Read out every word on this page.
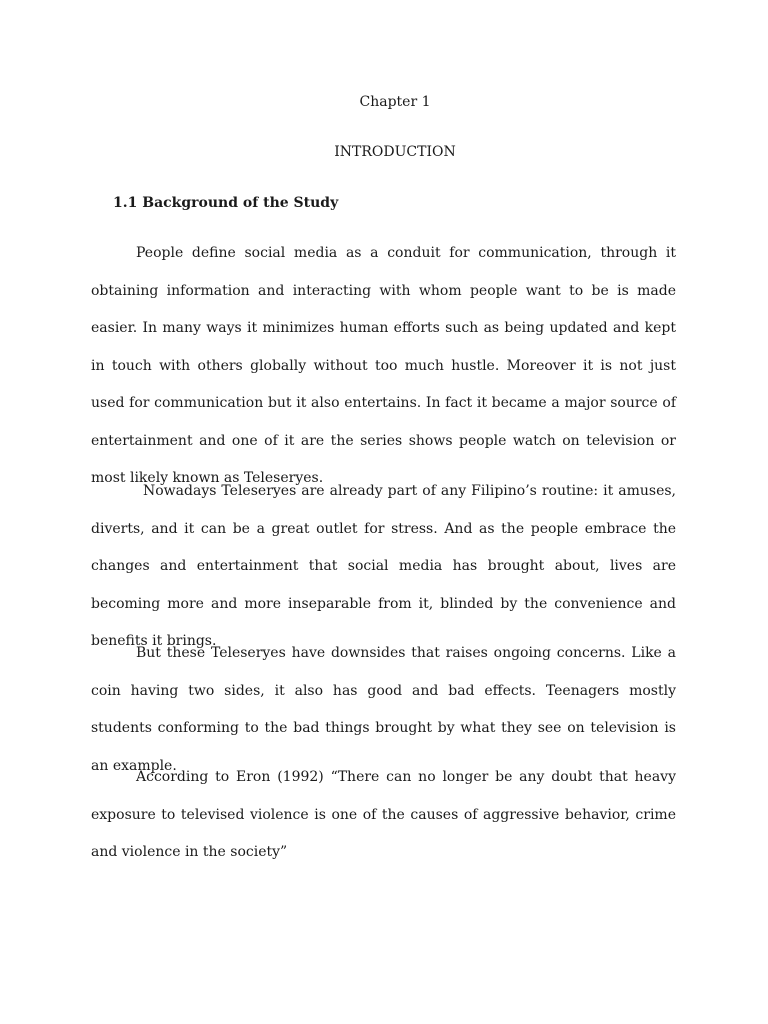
Chapter 1
INTRODUCTION
1.1 Background of the Study

People define social media as a conduit for communication, through it obtaining information and interacting with whom people want to be is made easier. In many ways it minimizes human efforts such as being updated and kept in touch with others globally without too much hustle. Moreover it is not just used for communication but it also entertains. In fact it became a major source of entertainment and one of it are the series shows people watch on television or most likely known as Teleseryes.

Nowadays Teleseryes are already part of any Filipino’s routine: it amuses, diverts, and it can be a great outlet for stress. And as the people embrace the changes and entertainment that social media has brought about, lives are becoming more and more inseparable from it, blinded by the convenience and benefits it brings.

But these Teleseryes have downsides that raises ongoing concerns. Like a coin having two sides, it also has good and bad effects. Teenagers mostly students conforming to the bad things brought by what they see on television is an example.

According to Eron (1992) “There can no longer be any doubt that heavy exposure to televised violence is one of the causes of aggressive behavior, crime and violence in the society”
